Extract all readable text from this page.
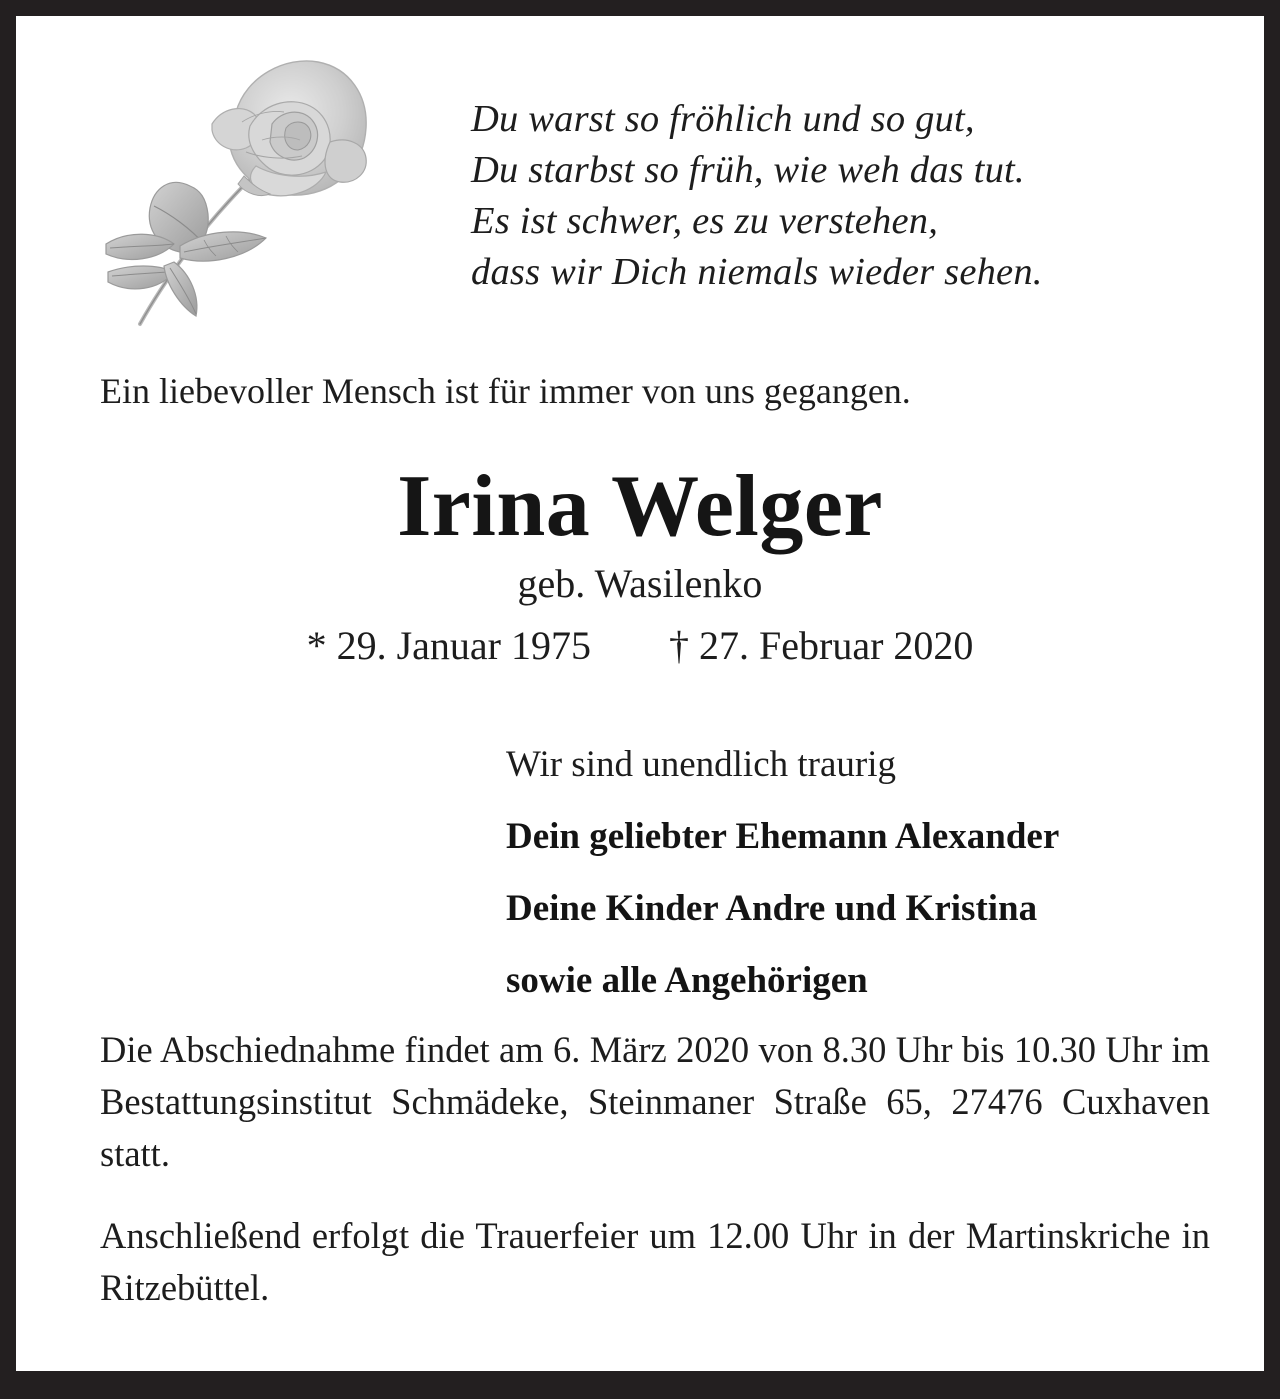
Du warst so fröhlich und so gut,
Du starbst so früh, wie weh das tut.
Es ist schwer, es zu verstehen,
dass wir Dich niemals wieder sehen.
Ein liebevoller Mensch ist für immer von uns gegangen.
Irina Welger
geb. Wasilenko
* 29. Januar 1975 † 27. Februar 2020
Wir sind unendlich traurig
Dein geliebter Ehemann Alexander
Deine Kinder Andre und Kristina
sowie alle Angehörigen

Die Abschiednahme findet am 6. März 2020 von 8.30 Uhr bis 10.30 Uhr im Bestattungsinstitut Schmädeke, Steinmaner Straße 65, 27476 Cuxhaven statt.

Anschließend erfolgt die Trauerfeier um 12.00 Uhr in der Martinskriche in Ritzebüttel.
